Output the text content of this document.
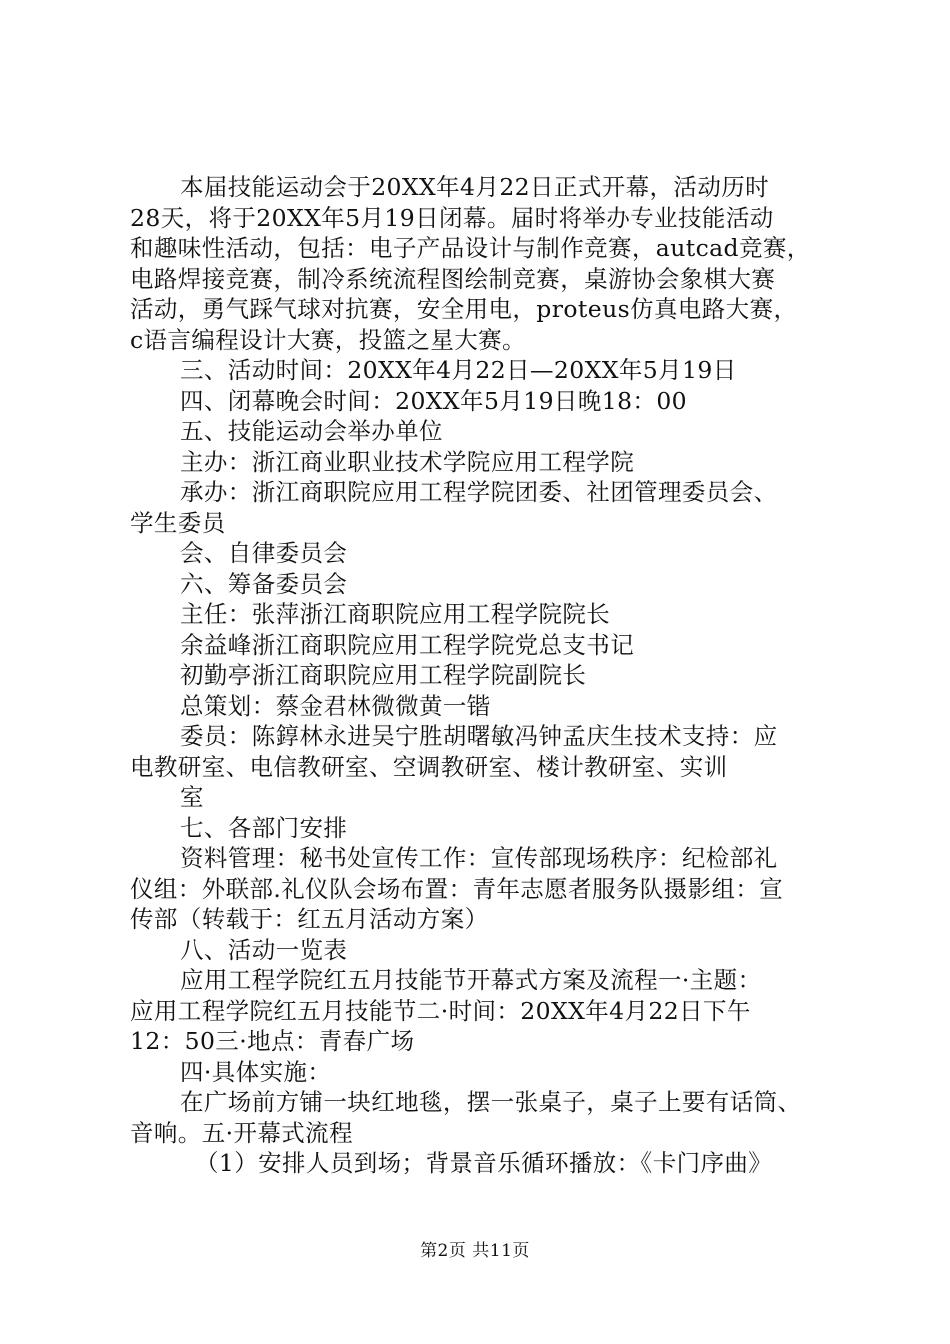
本届技能运动会于20XX年4月22日正式开幕，活动历时
28天，将于20XX年5月19日闭幕。届时将举办专业技能活动
和趣味性活动，包括：电子产品设计与制作竞赛，autcad竞赛，
电路焊接竞赛，制冷系统流程图绘制竞赛，桌游协会象棋大赛
活动，勇气踩气球对抗赛，安全用电，proteus仿真电路大赛，
c语言编程设计大赛，投篮之星大赛。
三、活动时间：20XX年4月22日—20XX年5月19日
四、闭幕晚会时间：20XX年5月19日晚18：00
五、技能运动会举办单位
主办：浙江商业职业技术学院应用工程学院
承办：浙江商职院应用工程学院团委、社团管理委员会、
学生委员
会、自律委员会
六、筹备委员会
主任：张萍浙江商职院应用工程学院院长
余益峰浙江商职院应用工程学院党总支书记
初勤亭浙江商职院应用工程学院副院长
总策划：蔡金君林微微黄一锴
委员：陈錞林永进吴宁胜胡曙敏冯钟孟庆生技术支持：应
电教研室、电信教研室、空调教研室、楼计教研室、实训
室
七、各部门安排
资料管理：秘书处宣传工作：宣传部现场秩序：纪检部礼
仪组：外联部.礼仪队会场布置：青年志愿者服务队摄影组：宣
传部（转载于：红五月活动方案）
八、活动一览表
应用工程学院红五月技能节开幕式方案及流程一·主题：
应用工程学院红五月技能节二·时间：20XX年4月22日下午
12：50三·地点：青春广场
四·具体实施：
在广场前方铺一块红地毯，摆一张桌子，桌子上要有话筒、
音响。五·开幕式流程
（1）安排人员到场；背景音乐循环播放：《卡门序曲》
第2页 共11页
